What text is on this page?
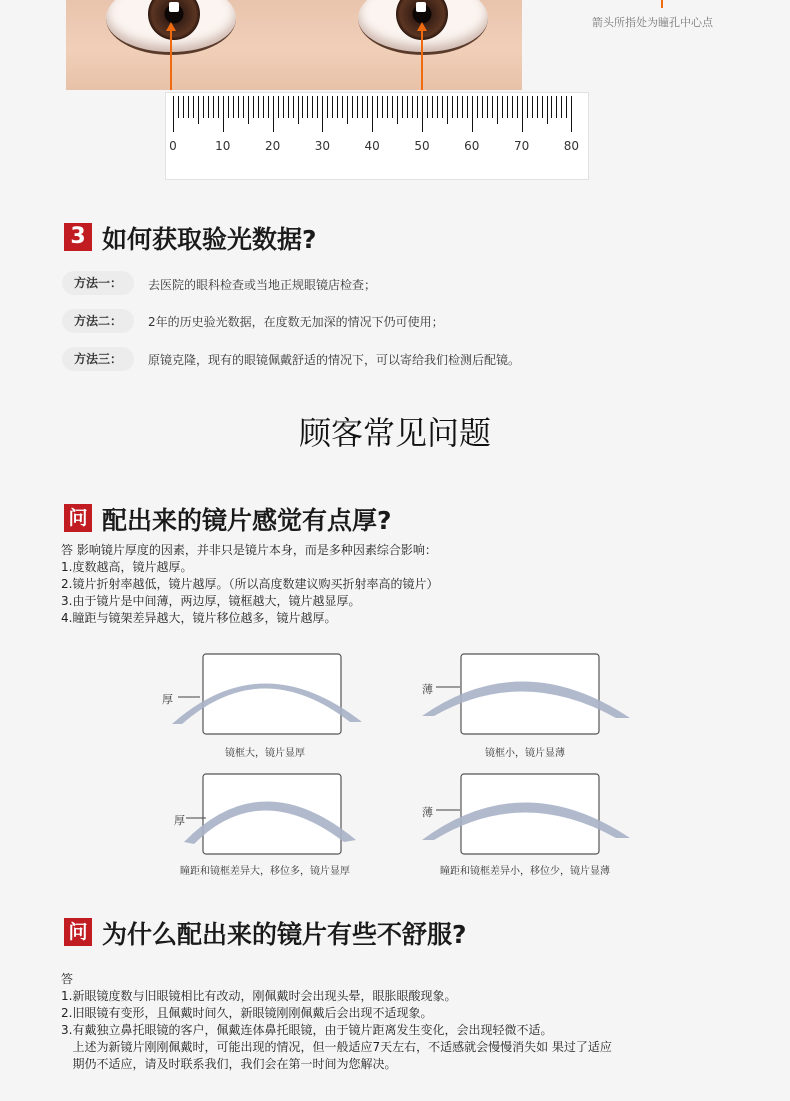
箭头所指处为瞳孔中心点
0	10	20	30	40	50	60	70	80
3 如何获取验光数据?
方法一：	去医院的眼科检查或当地正规眼镜店检查；
方法二：	2年的历史验光数据，在度数无加深的情况下仍可使用；
方法三：	原镜克隆，现有的眼镜佩戴舒适的情况下，可以寄给我们检测后配镜。
顾客常见问题
问 配出来的镜片感觉有点厚?
答 影响镜片厚度的因素，并非只是镜片本身，而是多种因素综合影响：
1.度数越高，镜片越厚。
2.镜片折射率越低，镜片越厚。（所以高度数建议购买折射率高的镜片）
3.由于镜片是中间薄，两边厚，镜框越大，镜片越显厚。
4.瞳距与镜架差异越大，镜片移位越多，镜片越厚。
厚
镜框大，镜片显厚
薄
镜框小，镜片显薄
厚
瞳距和镜框差异大，移位多，镜片显厚
薄
瞳距和镜框差异小，移位少，镜片显薄
问 为什么配出来的镜片有些不舒服?
答
1.新眼镜度数与旧眼镜相比有改动，刚佩戴时会出现头晕，眼胀眼酸现象。
2.旧眼镜有变形，且佩戴时间久，新眼镜刚刚佩戴后会出现不适现象。
3.有戴独立鼻托眼镜的客户，佩戴连体鼻托眼镜，由于镜片距离发生变化，会出现轻微不适。
上述为新镜片刚刚佩戴时，可能出现的情况，但一般适应7天左右，不适感就会慢慢消失如 果过了适应
期仍不适应，请及时联系我们，我们会在第一时间为您解决。
